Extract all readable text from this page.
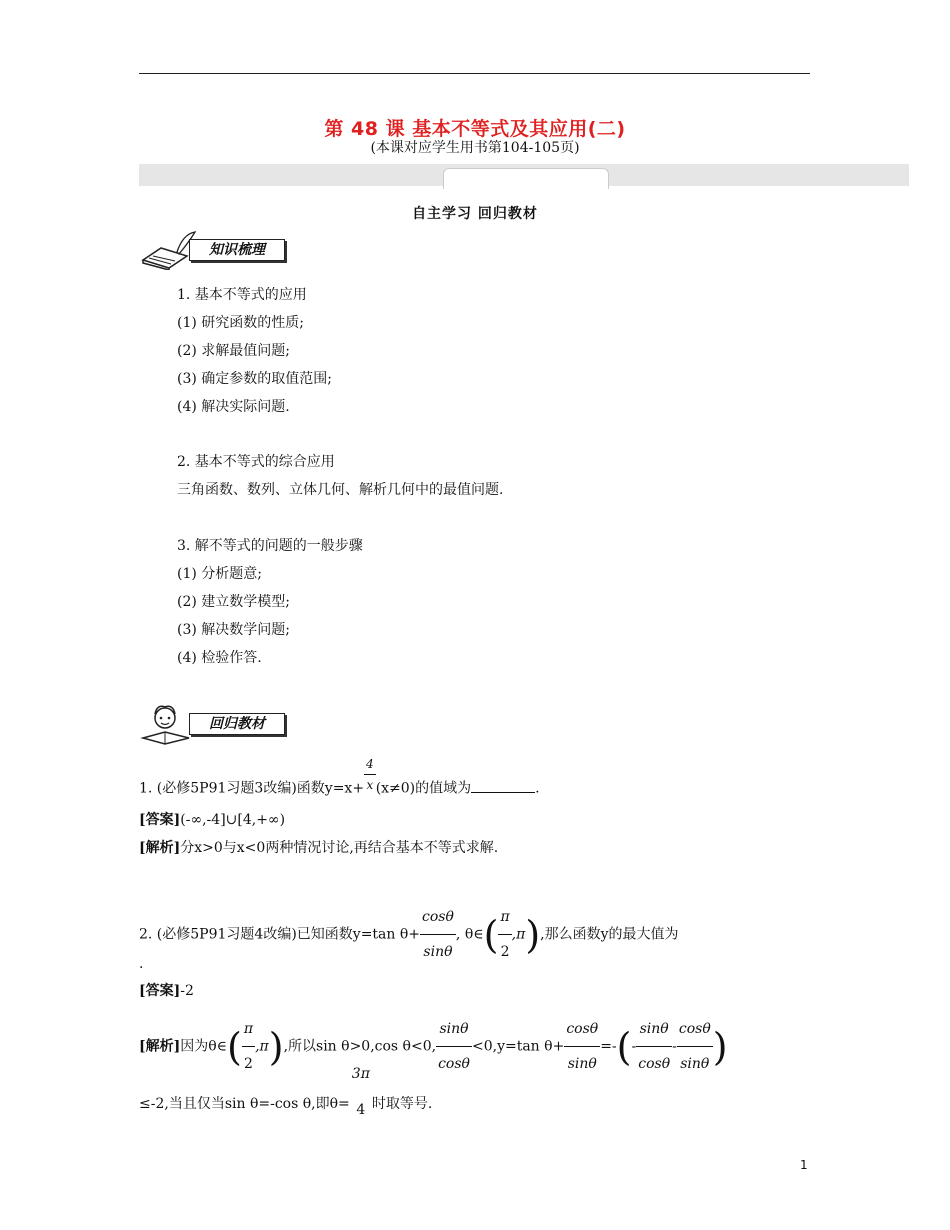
第 48 课 基本不等式及其应用(二)
(本课对应学生用书第104-105页)
自主学习 回归教材
知识梳理
1. 基本不等式的应用
(1) 研究函数的性质;
(2) 求解最值问题;
(3) 确定参数的取值范围;
(4) 解决实际问题.
2. 基本不等式的综合应用
三角函数、数列、立体几何、解析几何中的最值问题.
3. 解不等式的问题的一般步骤
(1) 分析题意;
(2) 建立数学模型;
(3) 解决数学问题;
(4) 检验作答.
回归教材
1. (必修5P91习题3改编)函数$y=x+ \frac{4}{x} (x\ne 0)$的值域为	.
[答案](-∞,-4]∪[4,+∞)
[解析]分x>0与x<0两种情况讨论,再结合基本不等式求解.
2. (必修5P91习题4改编)已知函数y=tan $\theta+ \frac{\cos\theta}{\sin\theta}$ , θ∈( $\frac{\pi}{2} ,\pi$),那么函数y的最大值为
.
[答案]-2
[解析]因为θ∈( $\frac{\pi}{2} ,\pi$),所以sin θ>0,cos θ<0, $\frac{\sin\theta}{\cos\theta} <0,y=\tan$ $\theta+ \frac{\cos\theta}{\sin\theta}$ =-(- $\frac{\sin\theta}{\cos\theta} - \frac{\cos\theta}{\sin\theta}$ )
≤-2,当且仅当sin θ=-cos θ,即θ=
3π
4 时取等号.
1
